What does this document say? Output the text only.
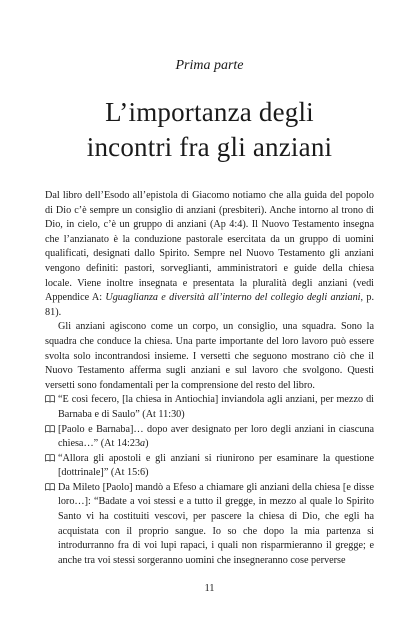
Prima parte
L’importanza degli
incontri fra gli anziani

Dal libro dell’Esodo all’epistola di Giacomo notiamo che alla guida del popolo di Dio c’è sempre un consiglio di anziani (presbiteri). Anche intorno al trono di Dio, in cielo, c’è un gruppo di anziani (Ap 4:4). Il Nuovo Testamento insegna che l’anzianato è la conduzione pastorale esercitata da un gruppo di uomini qualificati, designati dallo Spirito. Sempre nel Nuovo Testamento gli anziani vengono definiti: pastori, sorveglianti, amministratori e guide della chiesa locale. Viene inoltre insegnata e presentata la pluralità degli anziani (vedi Appendice A: Uguaglianza e diversità all’interno del collegio degli anziani, p. 81).

Gli anziani agiscono come un corpo, un consiglio, una squadra. Sono la squadra che conduce la chiesa. Una parte importante del loro lavoro può essere svolta solo incontrandosi insieme. I versetti che seguono mostrano ciò che il Nuovo Testamento afferma sugli anziani e sul lavoro che svolgono. Questi versetti sono fondamentali per la comprensione del resto del libro.

“E così fecero, [la chiesa in Antiochia] inviandola agli anziani, per mezzo di Barnaba e di Saulo” (At 11:30)

[Paolo e Barnaba]… dopo aver designato per loro degli anziani in ciascuna chiesa…” (At 14:23a)

“Allora gli apostoli e gli anziani si riunirono per esaminare la questione [dottrinale]” (At 15:6)

Da Mileto [Paolo] mandò a Efeso a chiamare gli anziani della chiesa [e disse loro…]: “Badate a voi stessi e a tutto il gregge, in mezzo al quale lo Spirito Santo vi ha costituiti vescovi, per pascere la chiesa di Dio, che egli ha acquistata con il proprio sangue. Io so che dopo la mia partenza si introdurranno fra di voi lupi rapaci, i quali non risparmieranno il gregge; e anche tra voi stessi sorgeranno uomini che insegneranno cose perverse

11
